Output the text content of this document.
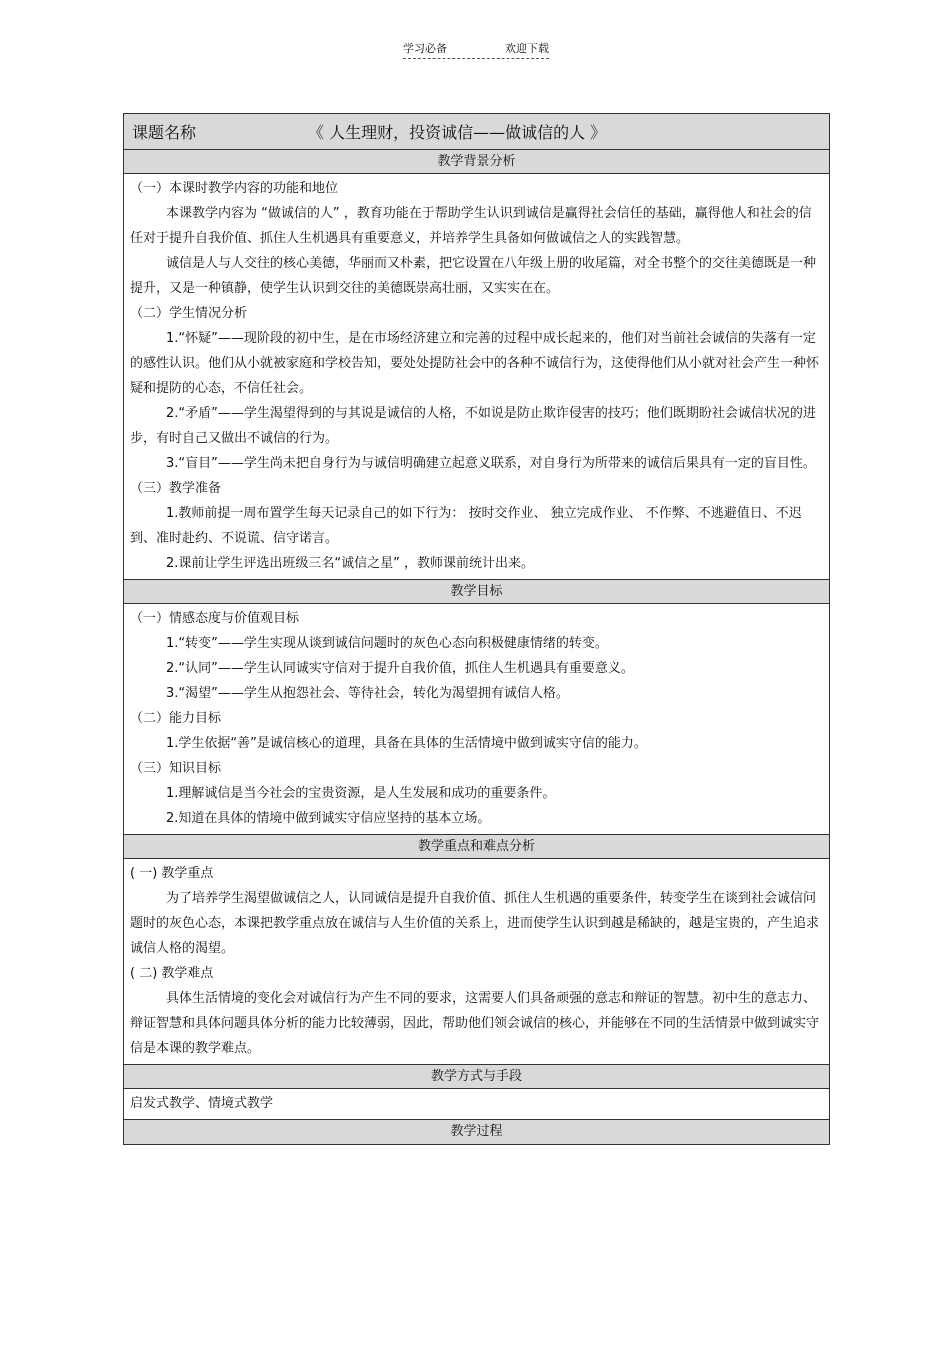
学习必备	欢迎下载
课题名称	《 人生理财，投资诚信——做诚信的人 》
教学背景分析
（一）本课时教学内容的功能和地位

本课教学内容为 “做诚信的人” ，教育功能在于帮助学生认识到诚信是赢得社会信任的基础，赢得他人和社会的信任对于提升自我价值、抓住人生机遇具有重要意义，并培养学生具备如何做诚信之人的实践智慧。

诚信是人与人交往的核心美德，华丽而又朴素，把它设置在八年级上册的收尾篇，对全书整个的交往美德既是一种提升，又是一种镇静，使学生认识到交往的美德既崇高壮丽，又实实在在。

（二）学生情况分析

1.“怀疑”——现阶段的初中生，是在市场经济建立和完善的过程中成长起来的，他们对当前社会诚信的失落有一定的感性认识。他们从小就被家庭和学校告知，要处处提防社会中的各种不诚信行为，这使得他们从小就对社会产生一种怀疑和提防的心态，不信任社会。

2.“矛盾”——学生渴望得到的与其说是诚信的人格，不如说是防止欺诈侵害的技巧；他们既期盼社会诚信状况的进步，有时自己又做出不诚信的行为。

3.“盲目”——学生尚未把自身行为与诚信明确建立起意义联系，对自身行为所带来的诚信后果具有一定的盲目性。

（三）教学准备

1.教师前提一周布置学生每天记录自己的如下行为： 按时交作业、 独立完成作业、 不作弊、不逃避值日、不迟到、准时赴约、不说谎、信守诺言。

2.课前让学生评选出班级三名“诚信之星” ，教师课前统计出来。

教学目标
（一）情感态度与价值观目标

1.“转变”——学生实现从谈到诚信问题时的灰色心态向积极健康情绪的转变。

2.“认同”——学生认同诚实守信对于提升自我价值，抓住人生机遇具有重要意义。

3.“渴望”——学生从抱怨社会、等待社会，转化为渴望拥有诚信人格。

（二）能力目标

1.学生依据“善”是诚信核心的道理，具备在具体的生活情境中做到诚实守信的能力。

（三）知识目标

1.理解诚信是当今社会的宝贵资源，是人生发展和成功的重要条件。

2.知道在具体的情境中做到诚实守信应坚持的基本立场。

教学重点和难点分析
( 一) 教学重点

为了培养学生渴望做诚信之人，认同诚信是提升自我价值、抓住人生机遇的重要条件，转变学生在谈到社会诚信问题时的灰色心态，本课把教学重点放在诚信与人生价值的关系上，进而使学生认识到越是稀缺的，越是宝贵的，产生追求诚信人格的渴望。

( 二) 教学难点

具体生活情境的变化会对诚信行为产生不同的要求，这需要人们具备顽强的意志和辩证的智慧。初中生的意志力、辩证智慧和具体问题具体分析的能力比较薄弱，因此，帮助他们领会诚信的核心，并能够在不同的生活情景中做到诚实守信是本课的教学难点。

教学方式与手段
启发式教学、情境式教学
教学过程
